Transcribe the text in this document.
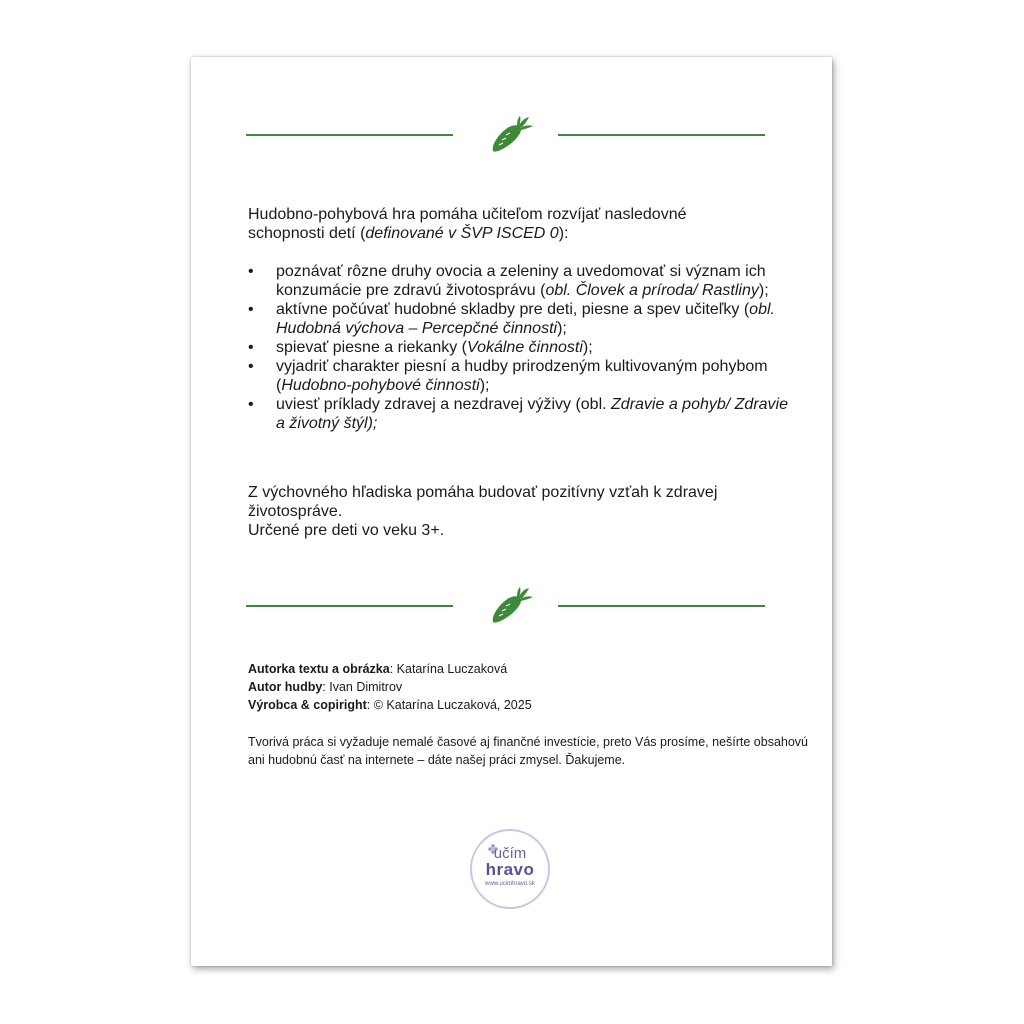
Hudobno-pohybová hra pomáha učiteľom rozvíjať nasledovné
schopnosti detí (definované v ŠVP ISCED 0):

• poznávať rôzne druhy ovocia a zeleniny a uvedomovať si význam ich konzumácie pre zdravú životosprávu (obl. Človek a príroda/ Rastliny);
• aktívne počúvať hudobné skladby pre deti, piesne a spev učiteľky (obl. Hudobná výchova – Percepčné činnosti);
• spievať piesne a riekanky (Vokálne činnosti);
• vyjadriť charakter piesní a hudby prirodzeným kultivovaným pohybom (Hudobno-pohybové činnosti);
• uviesť príklady zdravej a nezdravej výživy (obl. Zdravie a pohyb/ Zdravie a životný štýl);

Z výchovného hľadiska pomáha budovať pozitívny vzťah k zdravej životospráve.
Určené pre deti vo veku 3+.

Autorka textu a obrázka: Katarína Luczaková
Autor hudby: Ivan Dimitrov
Výrobca & copiright: © Katarína Luczaková, 2025

Tvorivá práca si vyžaduje nemalé časové aj finančné investície, preto Vás prosíme, nešírte obsahovú ani hudobnú časť na internete – dáte našej práci zmysel. Ďakujeme.

učím
hravo
www.ucimhravo.sk
